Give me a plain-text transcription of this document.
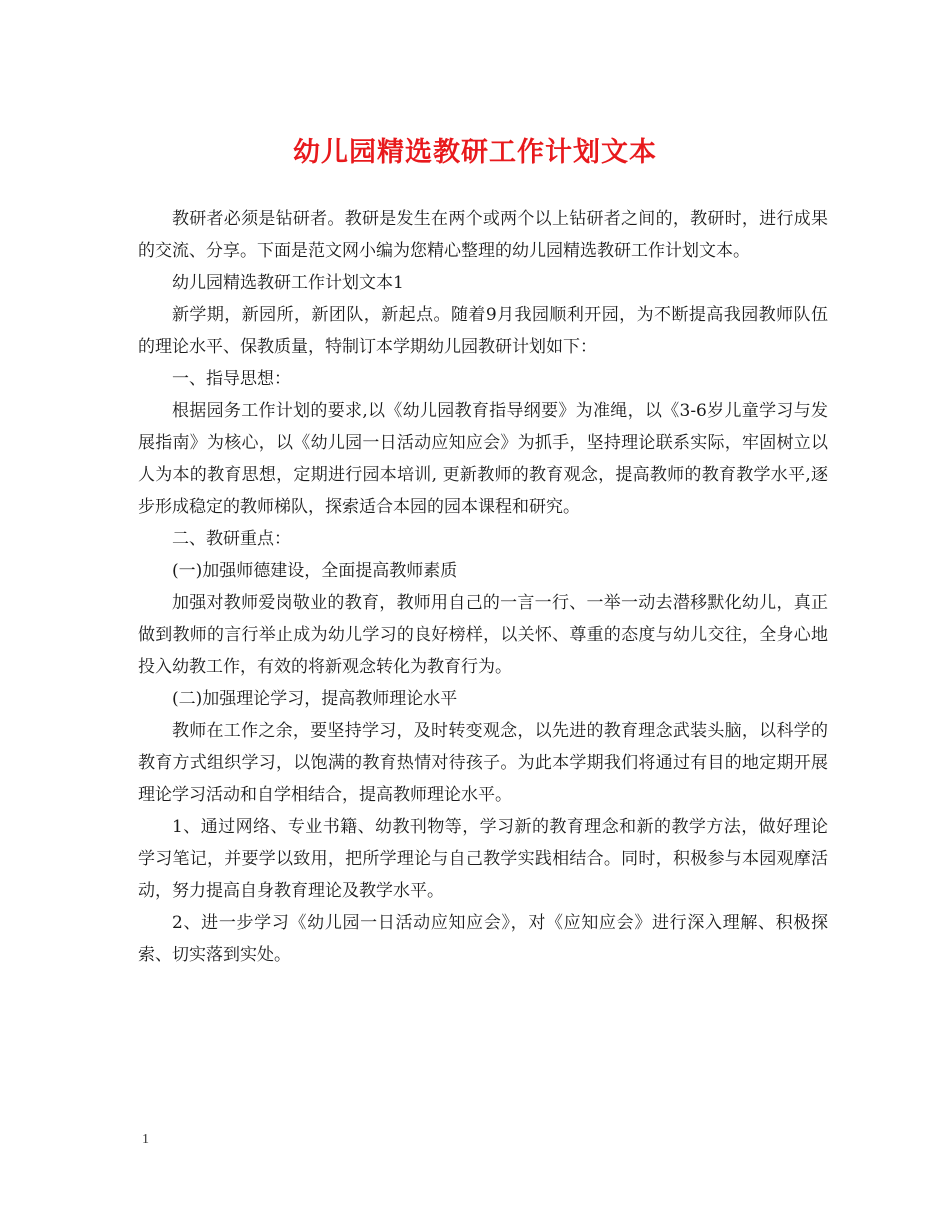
幼儿园精选教研工作计划文本

教研者必须是钻研者。教研是发生在两个或两个以上钻研者之间的，教研时，进行成果的交流、分享。下面是范文网小编为您精心整理的幼儿园精选教研工作计划文本。

幼儿园精选教研工作计划文本1

新学期，新园所，新团队，新起点。随着9月我园顺利开园，为不断提高我园教师队伍的理论水平、保教质量，特制订本学期幼儿园教研计划如下：

一、指导思想：

根据园务工作计划的要求,以《幼儿园教育指导纲要》为准绳，以《3-6岁儿童学习与发展指南》为核心，以《幼儿园一日活动应知应会》为抓手，坚持理论联系实际，牢固树立以人为本的教育思想，定期进行园本培训, 更新教师的教育观念，提高教师的教育教学水平,逐步形成稳定的教师梯队，探索适合本园的园本课程和研究。

二、教研重点：

(一)加强师德建设，全面提高教师素质

加强对教师爱岗敬业的教育，教师用自己的一言一行、一举一动去潜移默化幼儿，真正做到教师的言行举止成为幼儿学习的良好榜样，以关怀、尊重的态度与幼儿交往，全身心地投入幼教工作，有效的将新观念转化为教育行为。

(二)加强理论学习，提高教师理论水平

教师在工作之余，要坚持学习，及时转变观念，以先进的教育理念武装头脑，以科学的教育方式组织学习，以饱满的教育热情对待孩子。为此本学期我们将通过有目的地定期开展理论学习活动和自学相结合，提高教师理论水平。

1、通过网络、专业书籍、幼教刊物等，学习新的教育理念和新的教学方法，做好理论学习笔记，并要学以致用，把所学理论与自己教学实践相结合。同时，积极参与本园观摩活动，努力提高自身教育理论及教学水平。

2、进一步学习《幼儿园一日活动应知应会》，对《应知应会》进行深入理解、积极探索、切实落到实处。

1
